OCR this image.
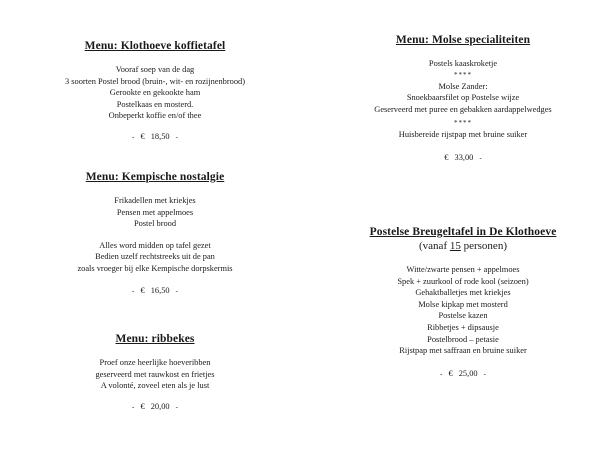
Menu: Klothoeve koffietafel
Vooraf soep van de dag
3 soorten Postel brood (bruin-, wit- en rozijnenbrood)
Gerookte en gekookte ham
Postelkaas en mosterd.
Onbeperkt koffie en/of thee
- € 18,50 -
Menu: Kempische nostalgie
Frikadellen met kriekjes
Pensen met appelmoes
Postel brood
Alles word midden op tafel gezet
Bedien uzelf rechtstreeks uit de pan
zoals vroeger bij elke Kempische dorpskermis
- € 16,50 -
Menu: ribbekes
Proef onze heerlijke hoeveribben
geserveerd met rauwkost en frietjes
A volonté, zoveel eten als je lust
- € 20,00 -
Menu: Molse specialiteiten
Postels kaaskroketje
****
Molse Zander:
Snoekbaarsfilet op Postelse wijze
Geserveerd met puree en gebakken aardappelwedges
****
Huisbereide rijstpap met bruine suiker
€ 33,00 -
Postelse Breugeltafel in De Klothoeve
(vanaf 15 personen)
Witte/zwarte pensen + appelmoes
Spek + zuurkool of rode kool (seizoen)
Gehaktballetjes met kriekjes
Molse kipkap met mosterd
Postelse kazen
Ribbetjes + dipsausje
Postelbrood – petasie
Rijstpap met saffraan en bruine suiker
- € 25,00 -
